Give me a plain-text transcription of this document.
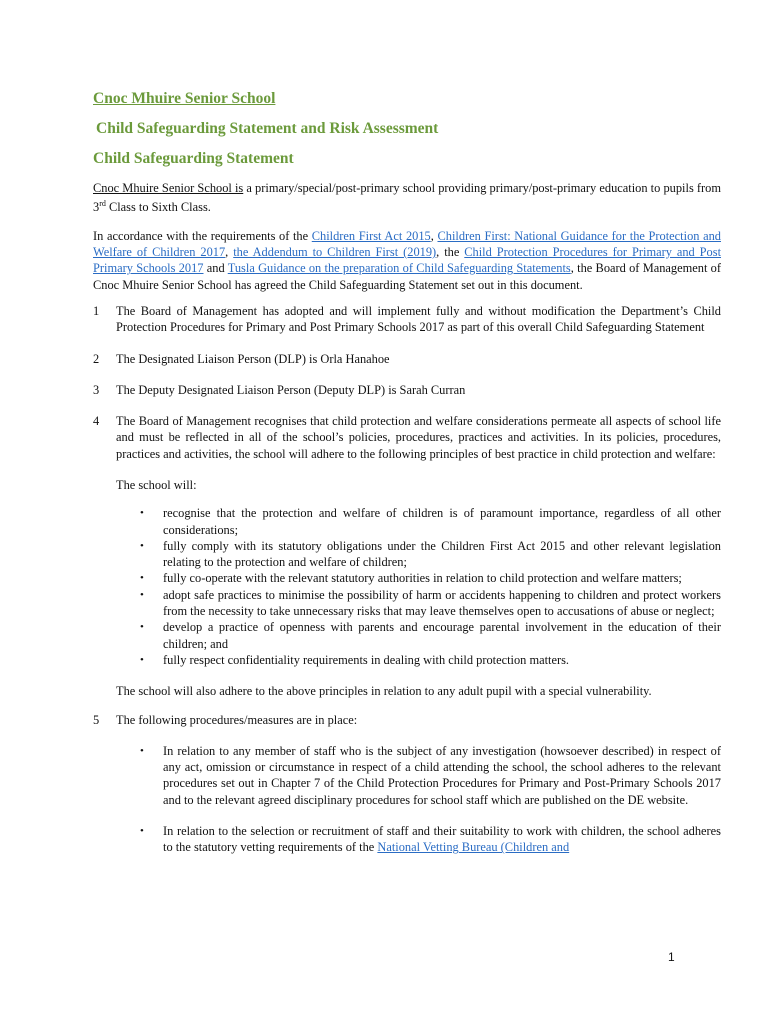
Cnoc Mhuire Senior School
Child Safeguarding Statement and Risk Assessment
Child Safeguarding Statement

Cnoc Mhuire Senior School is a primary/special/post-primary school providing primary/post-primary education to pupils from 3rd Class to Sixth Class.

In accordance with the requirements of the Children First Act 2015, Children First: National Guidance for the Protection and Welfare of Children 2017, the Addendum to Children First (2019), the Child Protection Procedures for Primary and Post Primary Schools 2017 and Tusla Guidance on the preparation of Child Safeguarding Statements, the Board of Management of Cnoc Mhuire Senior School has agreed the Child Safeguarding Statement set out in this document.

1 The Board of Management has adopted and will implement fully and without modification the Department’s Child Protection Procedures for Primary and Post Primary Schools 2017 as part of this overall Child Safeguarding Statement
2 The Designated Liaison Person (DLP) is Orla Hanahoe
3 The Deputy Designated Liaison Person (Deputy DLP) is Sarah Curran
4 The Board of Management recognises that child protection and welfare considerations permeate all aspects of school life and must be reflected in all of the school’s policies, procedures, practices and activities. In its policies, procedures, practices and activities, the school will adhere to the following principles of best practice in child protection and welfare:

The school will:

• recognise that the protection and welfare of children is of paramount importance, regardless of all other considerations;
• fully comply with its statutory obligations under the Children First Act 2015 and other relevant legislation relating to the protection and welfare of children;
• fully co-operate with the relevant statutory authorities in relation to child protection and welfare matters;
• adopt safe practices to minimise the possibility of harm or accidents happening to children and protect workers from the necessity to take unnecessary risks that may leave themselves open to accusations of abuse or neglect;
• develop a practice of openness with parents and encourage parental involvement in the education of their children; and
• fully respect confidentiality requirements in dealing with child protection matters.

The school will also adhere to the above principles in relation to any adult pupil with a special vulnerability.

5 The following procedures/measures are in place:
• In relation to any member of staff who is the subject of any investigation (howsoever described) in respect of any act, omission or circumstance in respect of a child attending the school, the school adheres to the relevant procedures set out in Chapter 7 of the Child Protection Procedures for Primary and Post-Primary Schools 2017 and to the relevant agreed disciplinary procedures for school staff which are published on the DE website.
• In relation to the selection or recruitment of staff and their suitability to work with children, the school adheres to the statutory vetting requirements of the National Vetting Bureau (Children and
1
